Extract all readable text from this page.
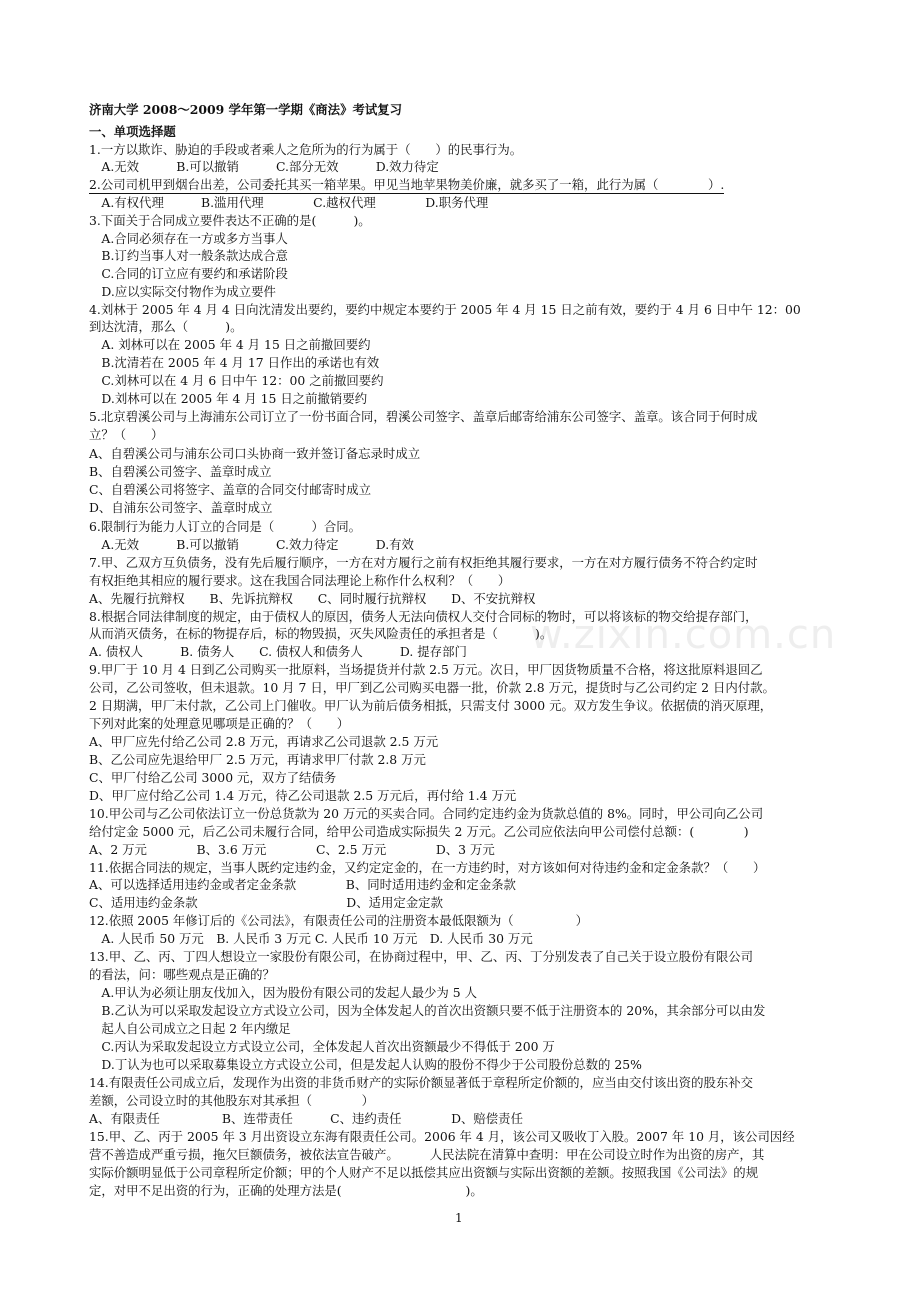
w.zixin.com.cn
济南大学 2008～2009 学年第一学期《商法》考试复习
一、单项选择题
1.一方以欺诈、胁迫的手段或者乘人之危所为的行为属于（　　）的民事行为。
　A.无效　　　B.可以撤销　　　C.部分无效　　　D.效力待定
2.公司司机甲到烟台出差，公司委托其买一箱苹果。甲见当地苹果物美价廉，就多买了一箱，此行为属（　　　　）.
　A.有权代理　　　B.滥用代理　　　　C.越权代理　　　　D.职务代理
3.下面关于合同成立要件表达不正确的是(　　　)。
　A.合同必须存在一方或多方当事人
　B.订约当事人对一般条款达成合意
　C.合同的订立应有要约和承诺阶段
　D.应以实际交付物作为成立要件
4.刘林于 2005 年 4 月 4 日向沈清发出要约，要约中规定本要约于 2005 年 4 月 15 日之前有效，要约于 4 月 6 日中午 12：00
到达沈清，那么（　　　)。
　A. 刘林可以在 2005 年 4 月 15 日之前撤回要约
　B.沈清若在 2005 年 4 月 17 日作出的承诺也有效
　C.刘林可以在 4 月 6 日中午 12：00 之前撤回要约
　D.刘林可以在 2005 年 4 月 15 日之前撤销要约
5.北京碧溪公司与上海浦东公司订立了一份书面合同，碧溪公司签字、盖章后邮寄给浦东公司签字、盖章。该合同于何时成
立？（　　）
A、自碧溪公司与浦东公司口头协商一致并签订备忘录时成立
B、自碧溪公司签字、盖章时成立
C、自碧溪公司将签字、盖章的合同交付邮寄时成立
D、自浦东公司签字、盖章时成立
6.限制行为能力人订立的合同是（　　　）合同。
　A.无效　　　B.可以撤销　　　C.效力待定　　　D.有效
7.甲、乙双方互负债务，没有先后履行顺序，一方在对方履行之前有权拒绝其履行要求，一方在对方履行债务不符合约定时
有权拒绝其相应的履行要求。这在我国合同法理论上称作什么权利？（　　）
A、先履行抗辩权　　B、先诉抗辩权　　C、同时履行抗辩权　　D、不安抗辩权
8.根据合同法律制度的规定，由于债权人的原因，债务人无法向债权人交付合同标的物时，可以将该标的物交给提存部门，
从而消灭债务，在标的物提存后，标的物毁损，灭失风险责任的承担者是（　　　)。
A. 债权人　　　B. 债务人　　C. 债权人和债务人　　　D. 提存部门
9.甲厂于 10 月 4 日到乙公司购买一批原料，当场提货并付款 2.5 万元。次日，甲厂因货物质量不合格，将这批原料退回乙
公司，乙公司签收，但未退款。10 月 7 日，甲厂到乙公司购买电器一批，价款 2.8 万元，提货时与乙公司约定 2 日内付款。
2 日期满，甲厂未付款，乙公司上门催收。甲厂认为前后债务相抵，只需支付 3000 元。双方发生争议。依据债的消灭原理，
下列对此案的处理意见哪项是正确的？（　　）
A、甲厂应先付给乙公司 2.8 万元，再请求乙公司退款 2.5 万元
B、乙公司应先退给甲厂 2.5 万元，再请求甲厂付款 2.8 万元
C、甲厂付给乙公司 3000 元，双方了结债务
D、甲厂应付给乙公司 1.4 万元，待乙公司退款 2.5 万元后，再付给 1.4 万元
10.甲公司与乙公司依法订立一份总货款为 20 万元的买卖合同。合同约定违约金为货款总值的 8%。同时，甲公司向乙公司
给付定金 5000 元，后乙公司未履行合同，给甲公司造成实际损失 2 万元。乙公司应依法向甲公司偿付总额：(　　　　)
A、2 万元　　　　B、3.6 万元　　　　C、2.5 万元　　　　D、3 万元
11.依据合同法的规定，当事人既约定违约金，又约定定金的，在一方违约时，对方该如何对待违约金和定金条款？（　　）
A、可以选择适用违约金或者定金条款　　　　B、同时适用违约金和定金条款
C、适用违约金条款　　　　　　　　　　　　D、适用定金定款
12.依照 2005 年修订后的《公司法》，有限责任公司的注册资本最低限额为（　　　　　）
　A. 人民币 50 万元　B. 人民币 3 万元 C. 人民币 10 万元　D. 人民币 30 万元
13.甲、乙、丙、丁四人想设立一家股份有限公司，在协商过程中，甲、乙、丙、丁分别发表了自己关于设立股份有限公司
的看法，问：哪些观点是正确的？
　A.甲认为必须让朋友伐加入，因为股份有限公司的发起人最少为 5 人
　B.乙认为可以采取发起设立方式设立公司，因为全体发起人的首次出资额只要不低于注册资本的 20%，其余部分可以由发
　起人自公司成立之日起 2 年内缴足
　C.丙认为采取发起设立方式设立公司，全体发起人首次出资额最少不得低于 200 万
　D.丁认为也可以采取募集设立方式设立公司，但是发起人认购的股份不得少于公司股份总数的 25%
14.有限责任公司成立后，发现作为出资的非货币财产的实际价额显著低于章程所定价额的，应当由交付该出资的股东补交
差额，公司设立时的其他股东对其承担（　　　　）
A、有限责任　　　　　B、连带责任　　　C、违约责任　　　　D、赔偿责任
15.甲、乙、丙于 2005 年 3 月出资设立东海有限责任公司。2006 年 4 月，该公司又吸收丁入股。2007 年 10 月，该公司因经
营不善造成严重亏损，拖欠巨额债务，被依法宣告破产。　　　人民法院在清算中查明：甲在公司设立时作为出资的房产，其
实际价额明显低于公司章程所定价额；甲的个人财产不足以抵偿其应出资额与实际出资额的差额。按照我国《公司法》的规
定，对甲不足出资的行为，正确的处理方法是(　　　　　　　　　　)。
1
